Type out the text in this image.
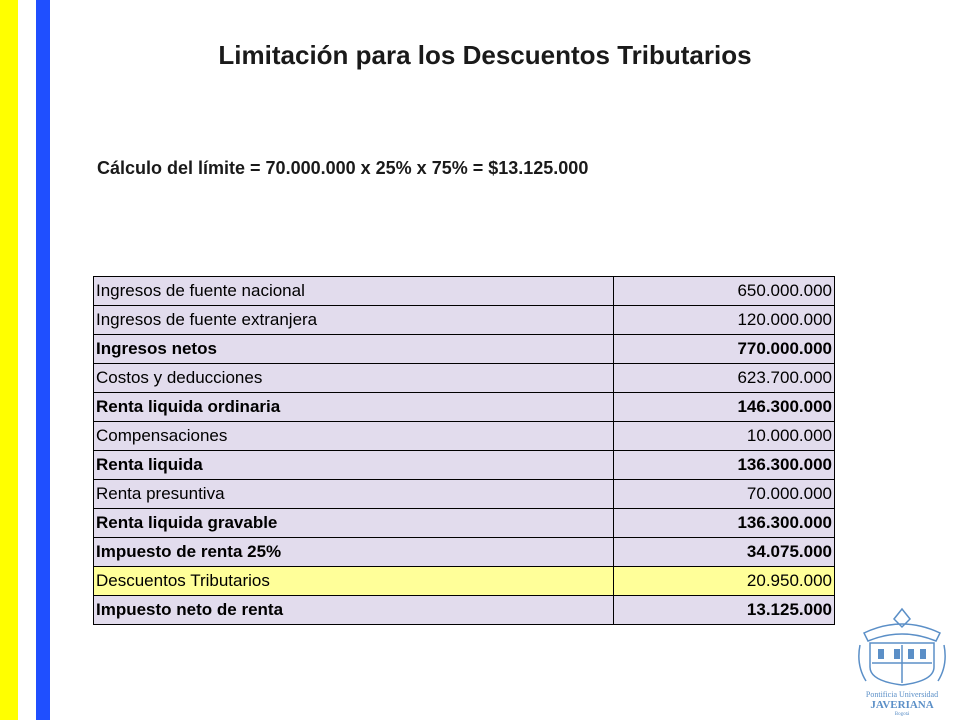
Limitación para los Descuentos Tributarios
Cálculo del límite = 70.000.000 x 25% x 75% = $13.125.000
Ingresos de fuente nacional	650.000.000
Ingresos de fuente extranjera	120.000.000
Ingresos netos	770.000.000
Costos y deducciones	623.700.000
Renta liquida ordinaria	146.300.000
Compensaciones	10.000.000
Renta liquida	136.300.000
Renta presuntiva	70.000.000
Renta liquida gravable	136.300.000
Impuesto de renta 25%	34.075.000
Descuentos Tributarios	20.950.000
Impuesto neto de renta	13.125.000
Pontificia Universidad
JAVERIANA
Bogotá
